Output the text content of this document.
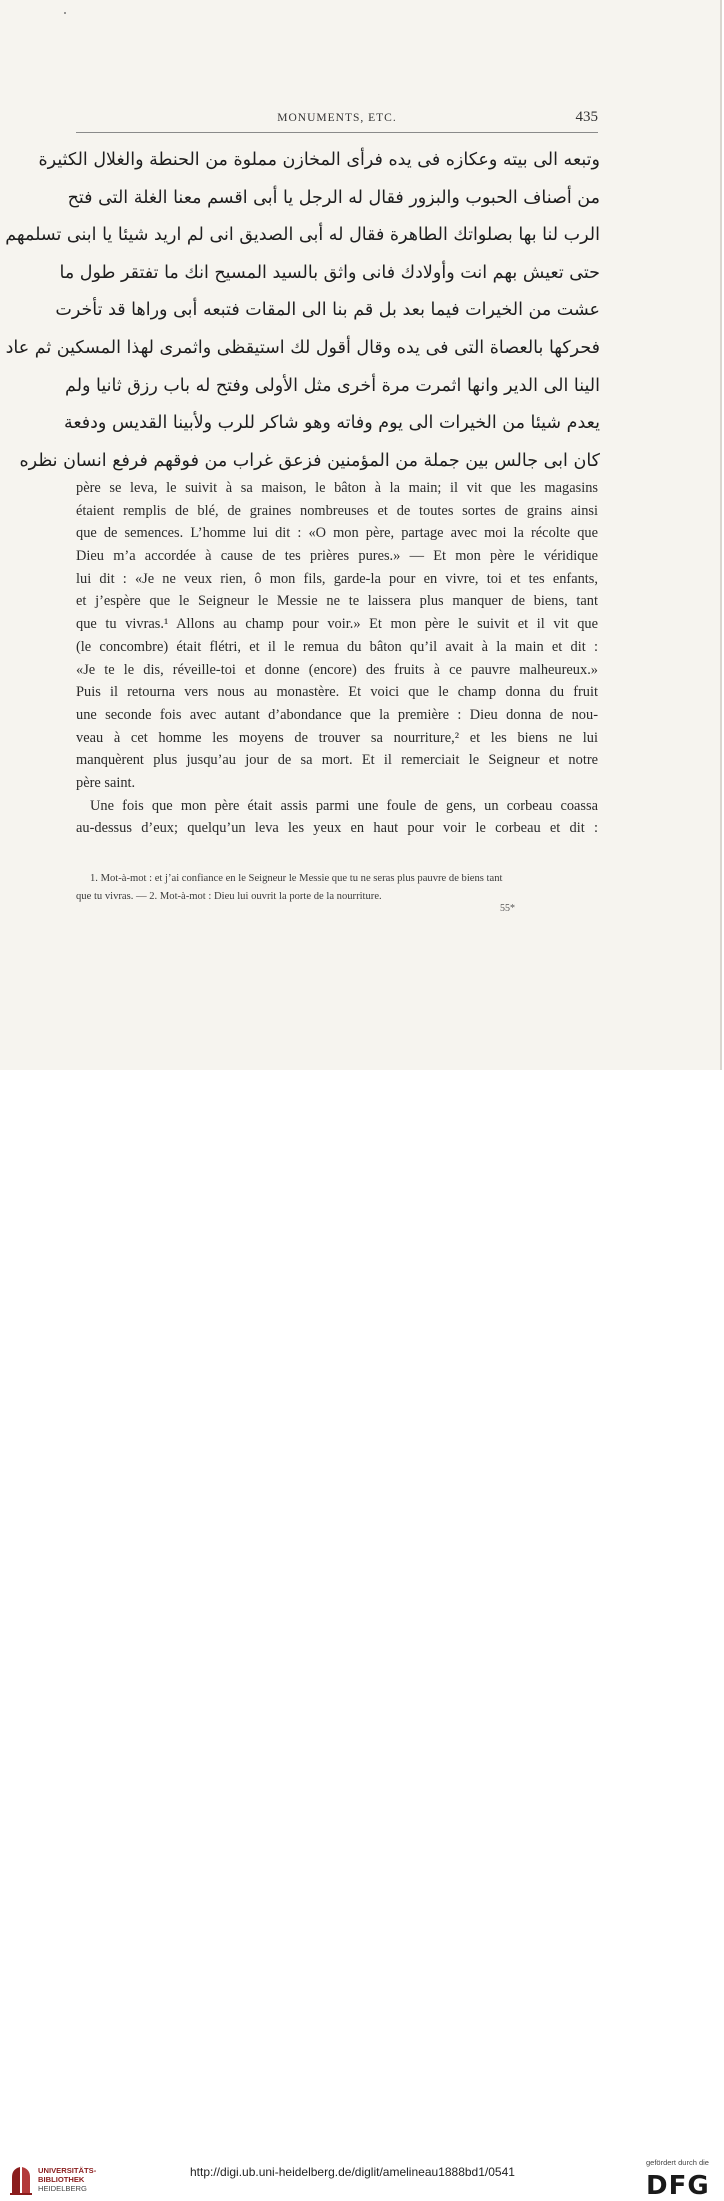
MONUMENTS, ETC.	435
وتبعه الى بيته وعكازه فى يده فرأى المخازن مملوة من الحنطة والغلال الكثيرة
من أصناف الحبوب والبزور فقال له الرجل يا أبى اقسم معنا الغلة التى فتح
الرب لنا بها بصلواتك الطاهرة فقال له أبى الصديق انى لم اريد شيئا يا ابنى تسلمهم
حتى تعيش بهم انت وأولادك فانى واثق بالسيد المسيح انك ما تفتقر طول ما
عشت من الخيرات فيما بعد بل قم بنا الى المقات فتبعه أبى وراها قد تأخرت
فحركها بالعصاة التى فى يده وقال أقول لك استيقظى واثمرى لهذا المسكين ثم عاد
الينا الى الدير وانها اثمرت مرة أخرى مثل الأولى وفتح له باب رزق ثانيا ولم
يعدم شيئا من الخيرات الى يوم وفاته وهو شاكر للرب ولأبينا القديس ودفعة
كان ابى جالس بين جملة من المؤمنين فزعق غراب من فوقهم فرفع انسان نظره
père se leva, le suivit à sa maison, le bâton à la main; il vit que les magasins
étaient remplis de blé, de graines nombreuses et de toutes sortes de grains ainsi
que de semences. L’homme lui dit : «O mon père, partage avec moi la récolte que
Dieu m’a accordée à cause de tes prières pures.» — Et mon père le véridique
lui dit : «Je ne veux rien, ô mon fils, garde-la pour en vivre, toi et tes enfants,
et j’espère que le Seigneur le Messie ne te laissera plus manquer de biens, tant
que tu vivras.¹ Allons au champ pour voir.» Et mon père le suivit et il vit que
(le concombre) était flétri, et il le remua du bâton qu’il avait à la main et dit :
«Je te le dis, réveille-toi et donne (encore) des fruits à ce pauvre malheureux.»
Puis il retourna vers nous au monastère. Et voici que le champ donna du fruit
une seconde fois avec autant d’abondance que la première : Dieu donna de nou-
veau à cet homme les moyens de trouver sa nourriture,² et les biens ne lui
manquèrent plus jusqu’au jour de sa mort. Et il remerciait le Seigneur et notre
père saint.
Une fois que mon père était assis parmi une foule de gens, un corbeau coassa
au-dessus d’eux; quelqu’un leva les yeux en haut pour voir le corbeau et dit :
1. Mot-à-mot : et j’ai confiance en le Seigneur le Messie que tu ne seras plus pauvre de biens tant
que tu vivras. — 2. Mot-à-mot : Dieu lui ouvrit la porte de la nourriture.
55*
UNIVERSITÄTS-
BIBLIOTHEK
HEIDELBERG
http://digi.ub.uni-heidelberg.de/diglit/amelineau1888bd1/0541
gefördert durch die
DFG
